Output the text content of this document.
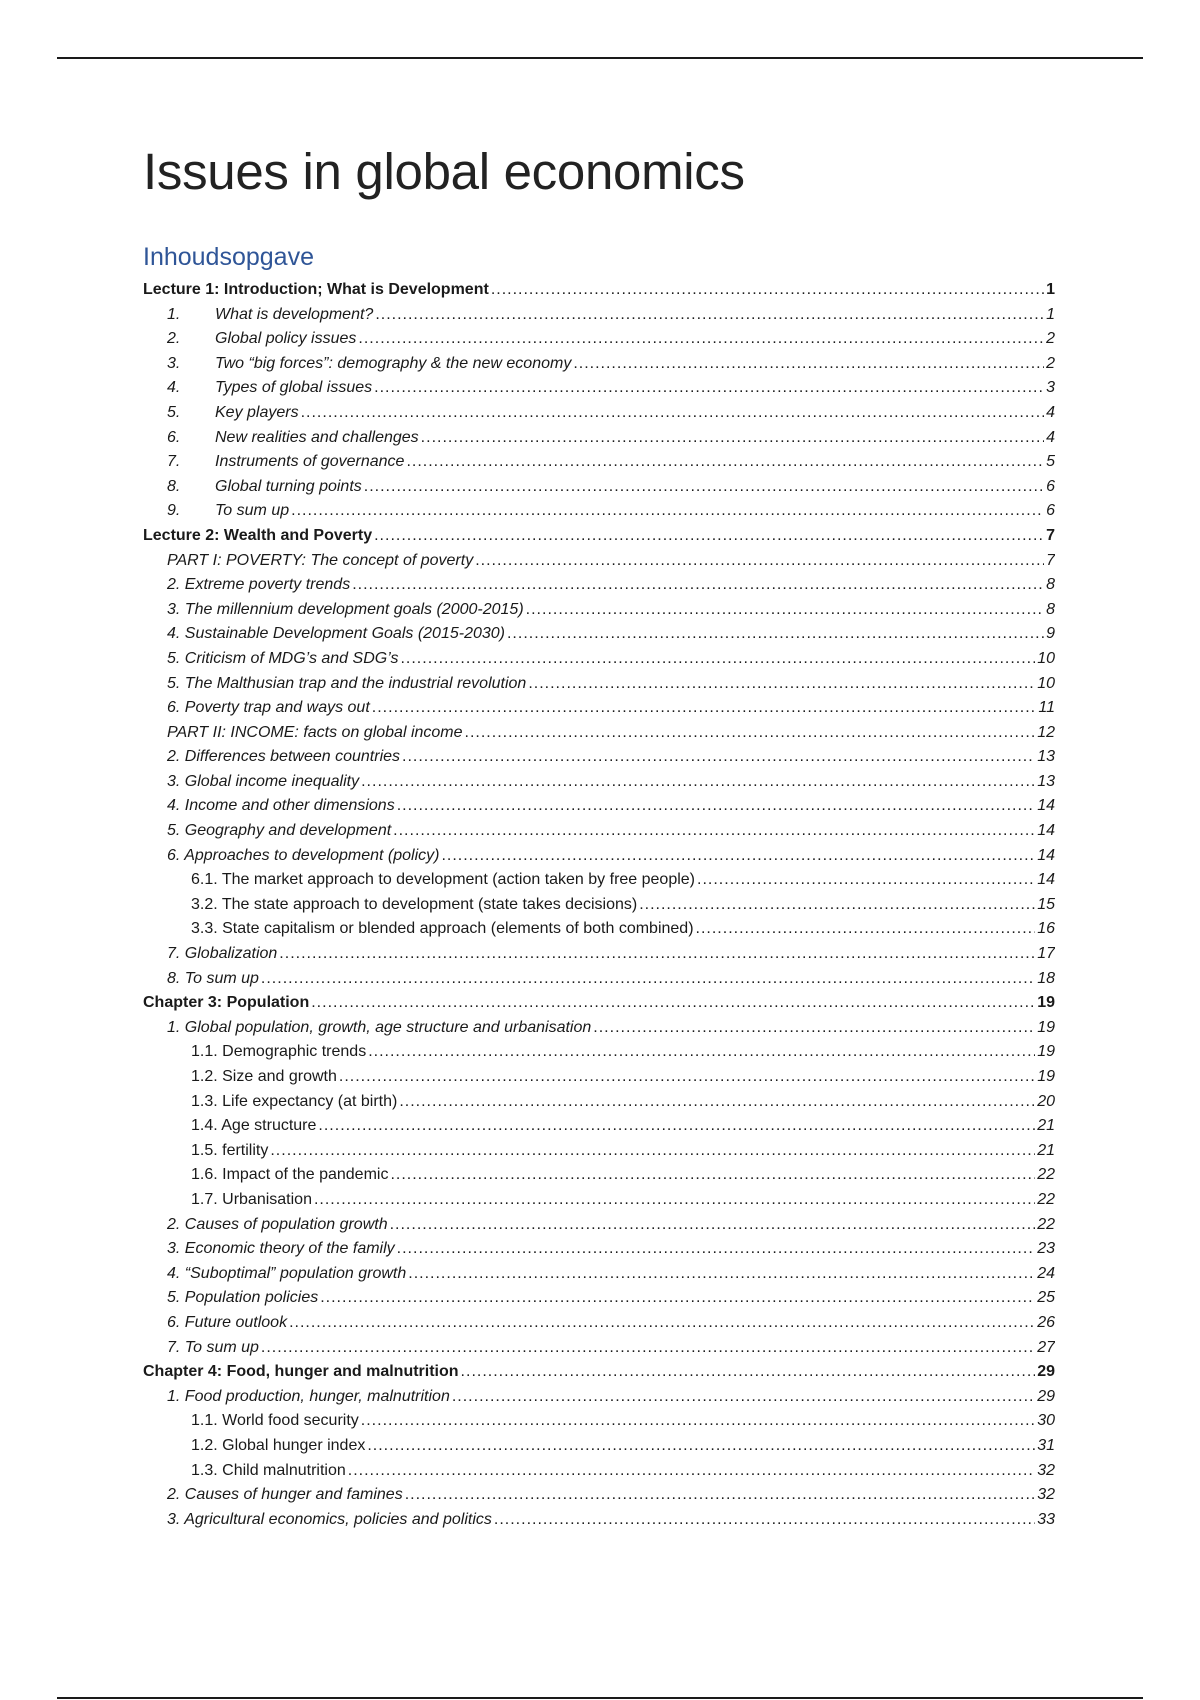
Issues in global economics
Inhoudsopgave
Lecture 1: Introduction; What is Development .....	1
1.	What is development? .....	1
2.	Global policy issues .....	2
3.	Two “big forces”: demography & the new economy .....	2
4.	Types of global issues .....	3
5.	Key players .....	4
6.	New realities and challenges .....	4
7.	Instruments of governance .....	5
8.	Global turning points .....	6
9.	To sum up .....	6
Lecture 2: Wealth and Poverty .....	7
PART I: POVERTY: The concept of poverty .....	7
2. Extreme poverty trends .....	8
3. The millennium development goals (2000-2015) .....	8
4. Sustainable Development Goals (2015-2030) .....	9
5. Criticism of MDG’s and SDG’s .....	10
5. The Malthusian trap and the industrial revolution .....	10
6. Poverty trap and ways out .....	11
PART II: INCOME: facts on global income .....	12
2. Differences between countries .....	13
3. Global income inequality .....	13
4. Income and other dimensions .....	14
5. Geography and development .....	14
6. Approaches to development (policy) .....	14
6.1. The market approach to development (action taken by free people) .....	14
3.2. The state approach to development (state takes decisions) .....	15
3.3. State capitalism or blended approach (elements of both combined) .....	16
7. Globalization .....	17
8. To sum up .....	18
Chapter 3: Population .....	19
1. Global population, growth, age structure and urbanisation .....	19
1.1. Demographic trends .....	19
1.2. Size and growth .....	19
1.3. Life expectancy (at birth) .....	20
1.4. Age structure .....	21
1.5. fertility .....	21
1.6. Impact of the pandemic .....	22
1.7. Urbanisation .....	22
2. Causes of population growth .....	22
3. Economic theory of the family .....	23
4. “Suboptimal” population growth .....	24
5. Population policies .....	25
6. Future outlook .....	26
7. To sum up .....	27
Chapter 4: Food, hunger and malnutrition .....	29
1. Food production, hunger, malnutrition .....	29
1.1. World food security .....	30
1.2. Global hunger index .....	31
1.3. Child malnutrition .....	32
2. Causes of hunger and famines .....	32
3. Agricultural economics, policies and politics .....	33
